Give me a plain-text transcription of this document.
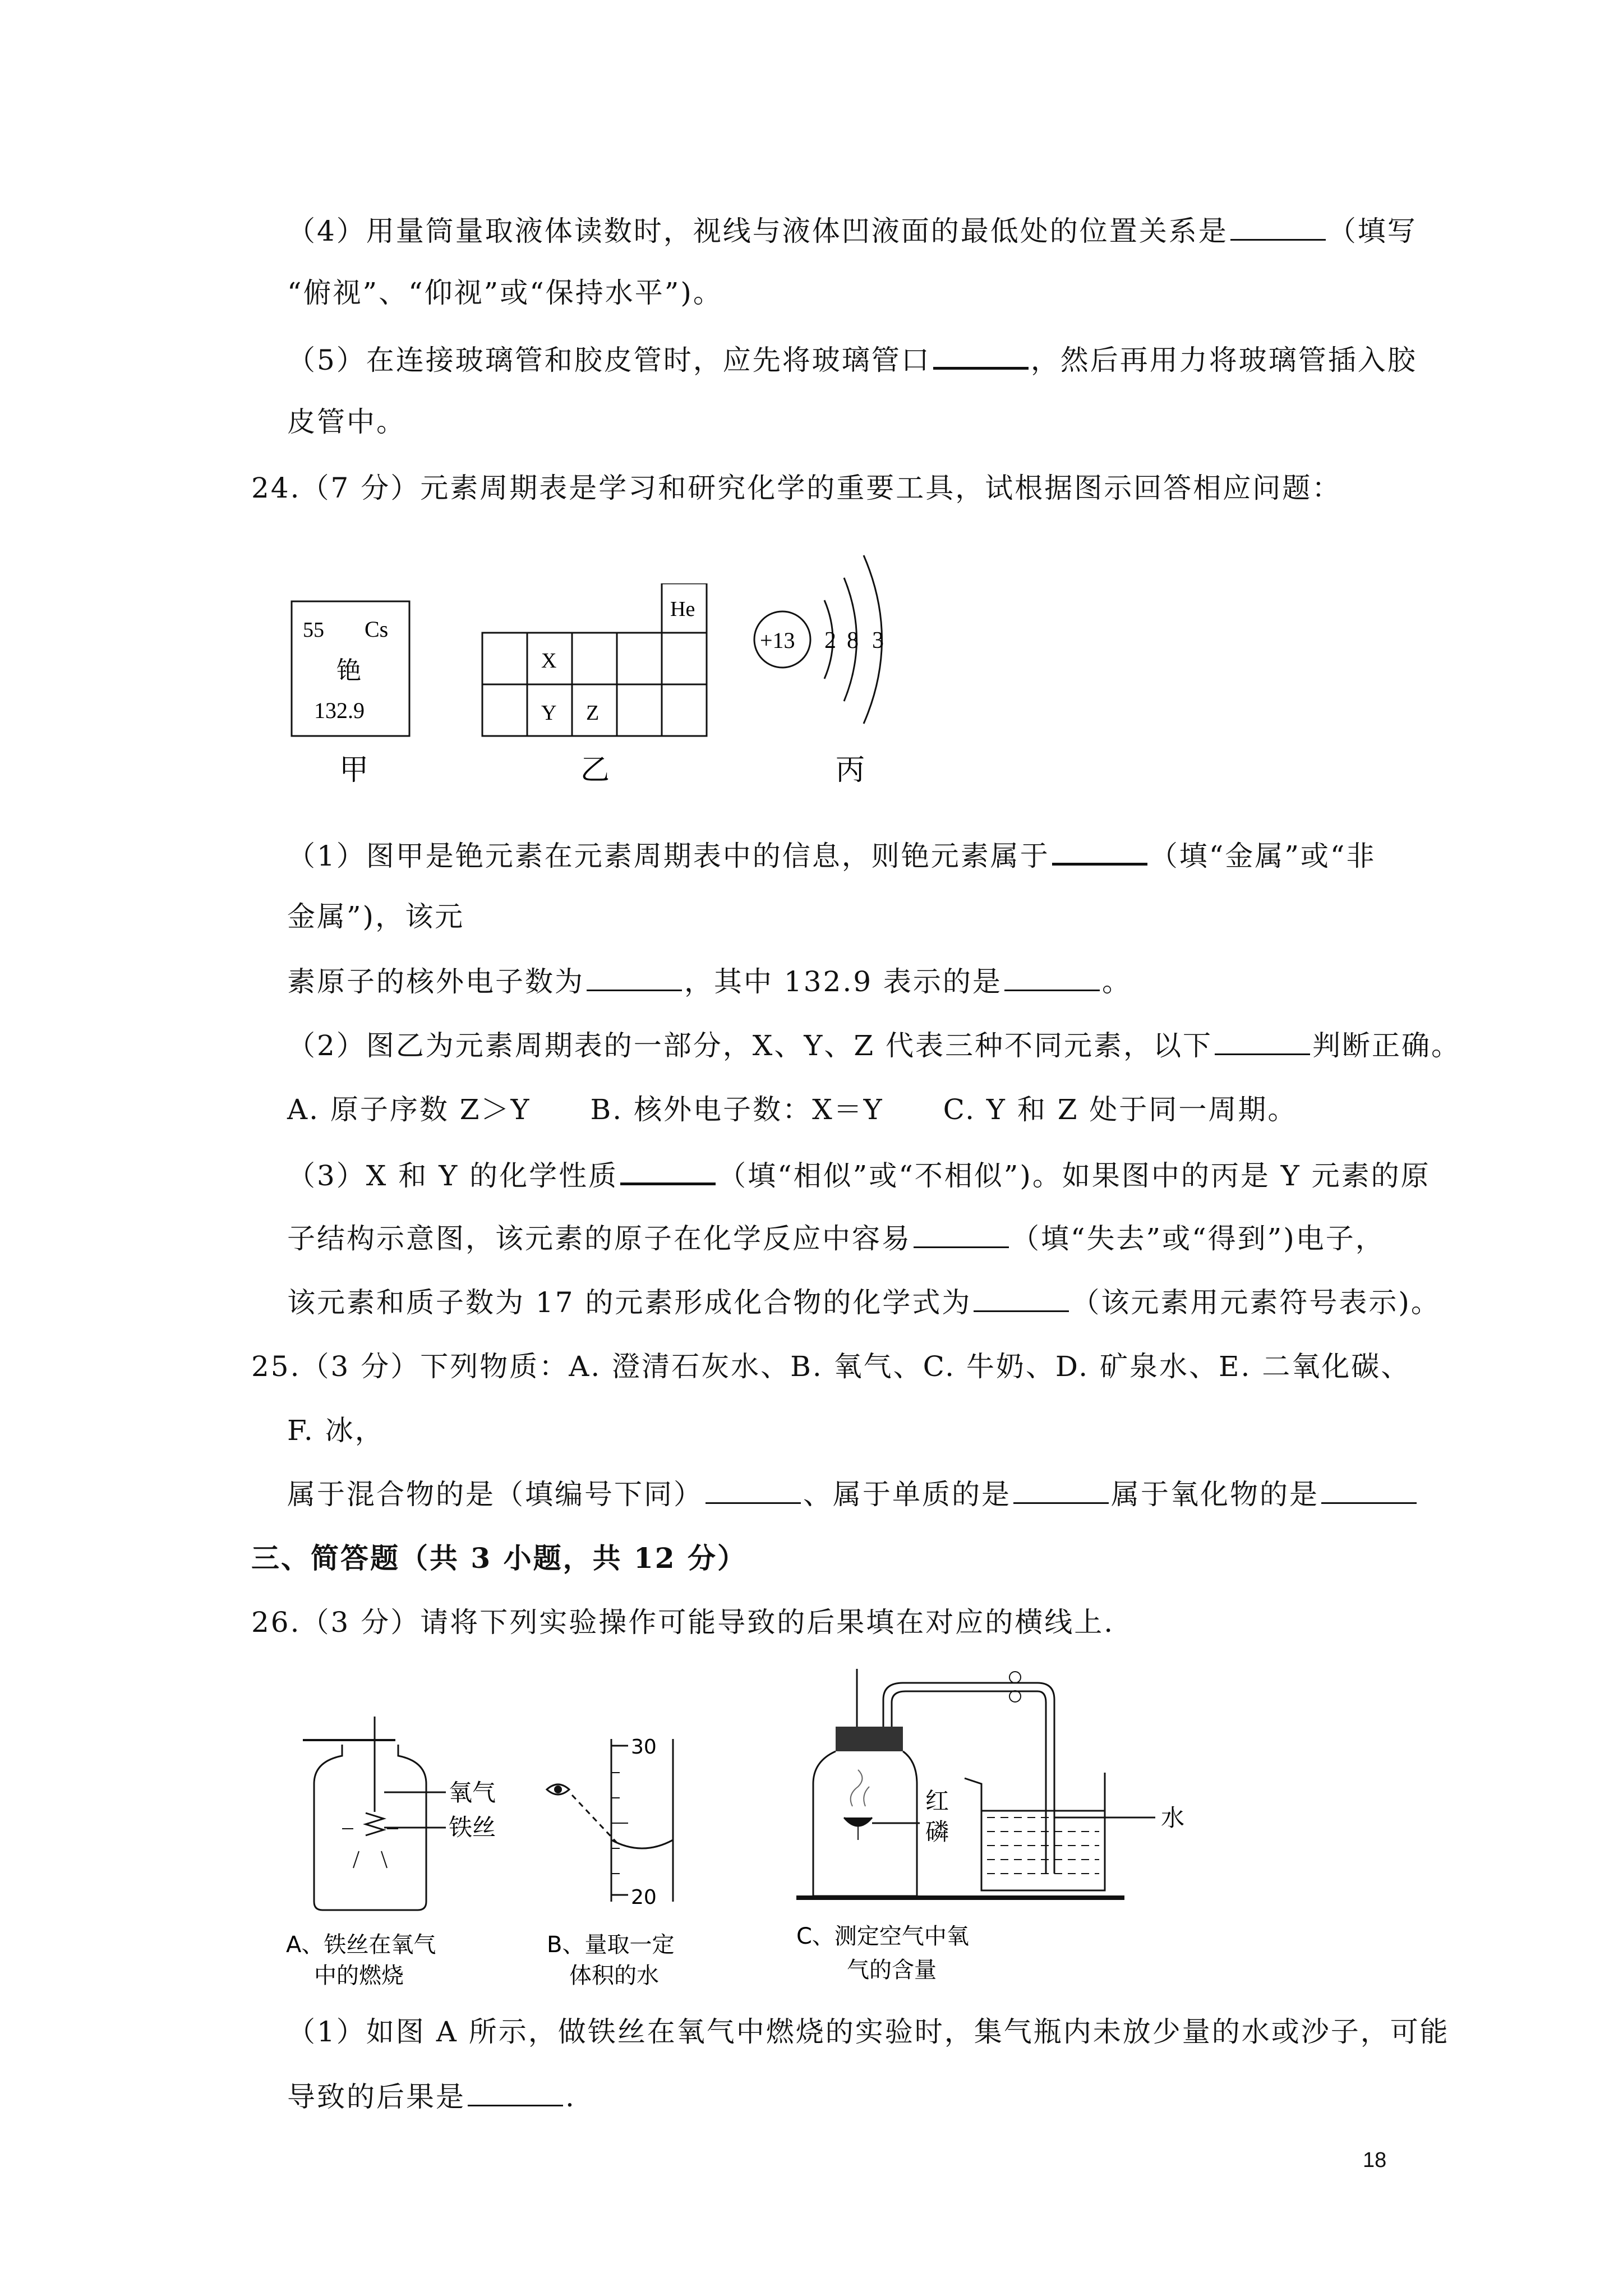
（4）用量筒量取液体读数时，视线与液体凹液面的最低处的位置关系是	（填写
“俯视”、“仰视”或“保持水平”)。
（5）在连接玻璃管和胶皮管时，应先将玻璃管口	，然后再用力将玻璃管插入胶
皮管中。
24.（7 分）元素周期表是学习和研究化学的重要工具，试根据图示回答相应问题：
55 Cs
铯
132.9
甲
He
X
Y Z
乙
+13 2 8 3
丙
（1）图甲是铯元素在元素周期表中的信息，则铯元素属于	（填“金属”或“非
金属”)，该元
素原子的核外电子数为	，其中 132.9 表示的是	。
（2）图乙为元素周期表的一部分，X、Y、Z 代表三种不同元素，以下	判断正确。
A. 原子序数 Z＞Y　　B. 核外电子数：X＝Y　　C. Y 和 Z 处于同一周期。
（3）X 和 Y 的化学性质	（填“相似”或“不相似”)。如果图中的丙是 Y 元素的原
子结构示意图，该元素的原子在化学反应中容易	（填“失去”或“得到”)电子，
该元素和质子数为 17 的元素形成化合物的化学式为	（该元素用元素符号表示)。
25.（3 分）下列物质：A. 澄清石灰水、B. 氧气、C. 牛奶、D. 矿泉水、E. 二氧化碳、
F. 冰，
属于混合物的是（填编号下同）	、属于单质的是	属于氧化物的是
三、简答题（共 3 小题，共 12 分）
26.（3 分）请将下列实验操作可能导致的后果填在对应的横线上.
氧气
铁丝
A、铁丝在氧气
中的燃烧
30
20
B、量取一定
体积的水
红
磷
水
C、测定空气中氧
气的含量
（1）如图 A 所示，做铁丝在氧气中燃烧的实验时，集气瓶内未放少量的水或沙子，可能
导致的后果是	.
18
